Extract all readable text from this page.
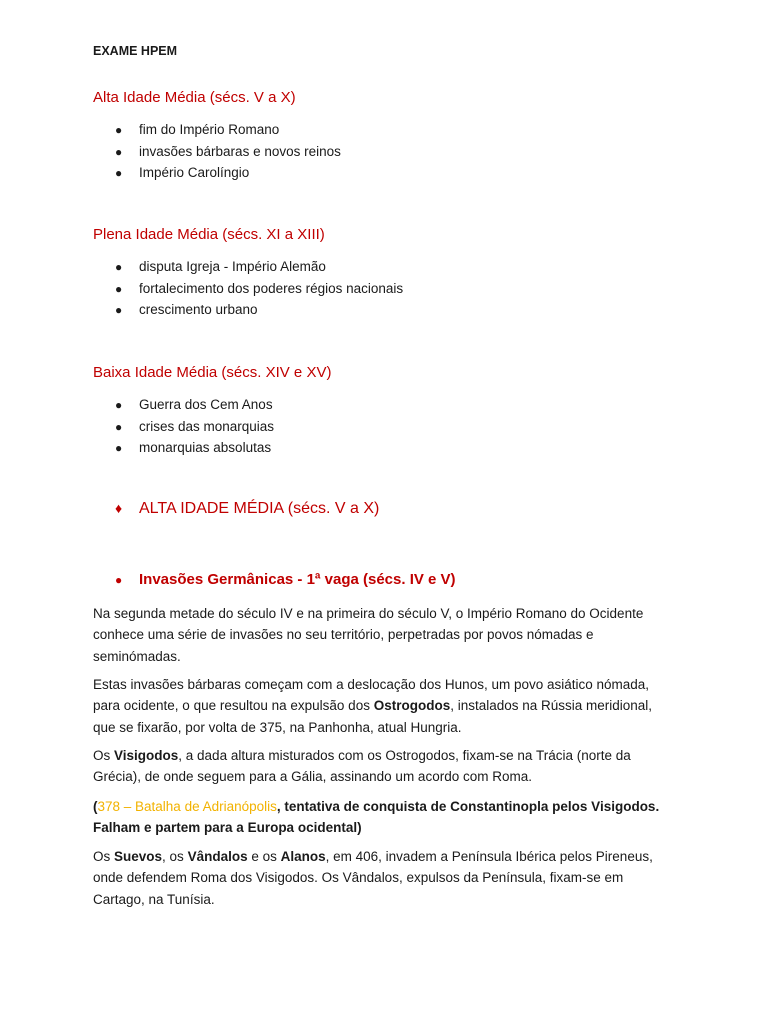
EXAME HPEM
Alta Idade Média (sécs. V a X)
● fim do Império Romano
● invasões bárbaras e novos reinos
● Império Carolíngio
Plena Idade Média (sécs. XI a XIII)
● disputa Igreja - Império Alemão
● fortalecimento dos poderes régios nacionais
● crescimento urbano
Baixa Idade Média (sécs. XIV e XV)
● Guerra dos Cem Anos
● crises das monarquias
● monarquias absolutas
♦ ALTA IDADE MÉDIA (sécs. V a X)
● Invasões Germânicas - 1ª vaga (sécs. IV e V)
Na segunda metade do século IV e na primeira do século V, o Império Romano do Ocidente
conhece uma série de invasões no seu território, perpetradas por povos nómadas e
seminómadas.
Estas invasões bárbaras começam com a deslocação dos Hunos, um povo asiático nómada,
para ocidente, o que resultou na expulsão dos Ostrogodos, instalados na Rússia meridional,
que se fixarão, por volta de 375, na Panhonha, atual Hungria.
Os Visigodos, a dada altura misturados com os Ostrogodos, fixam-se na Trácia (norte da
Grécia), de onde seguem para a Gália, assinando um acordo com Roma.
(378 – Batalha de Adrianópolis, tentativa de conquista de Constantinopla pelos Visigodos.
Falham e partem para a Europa ocidental)
Os Suevos, os Vândalos e os Alanos, em 406, invadem a Península Ibérica pelos Pireneus,
onde defendem Roma dos Visigodos. Os Vândalos, expulsos da Península, fixam-se em
Cartago, na Tunísia.
